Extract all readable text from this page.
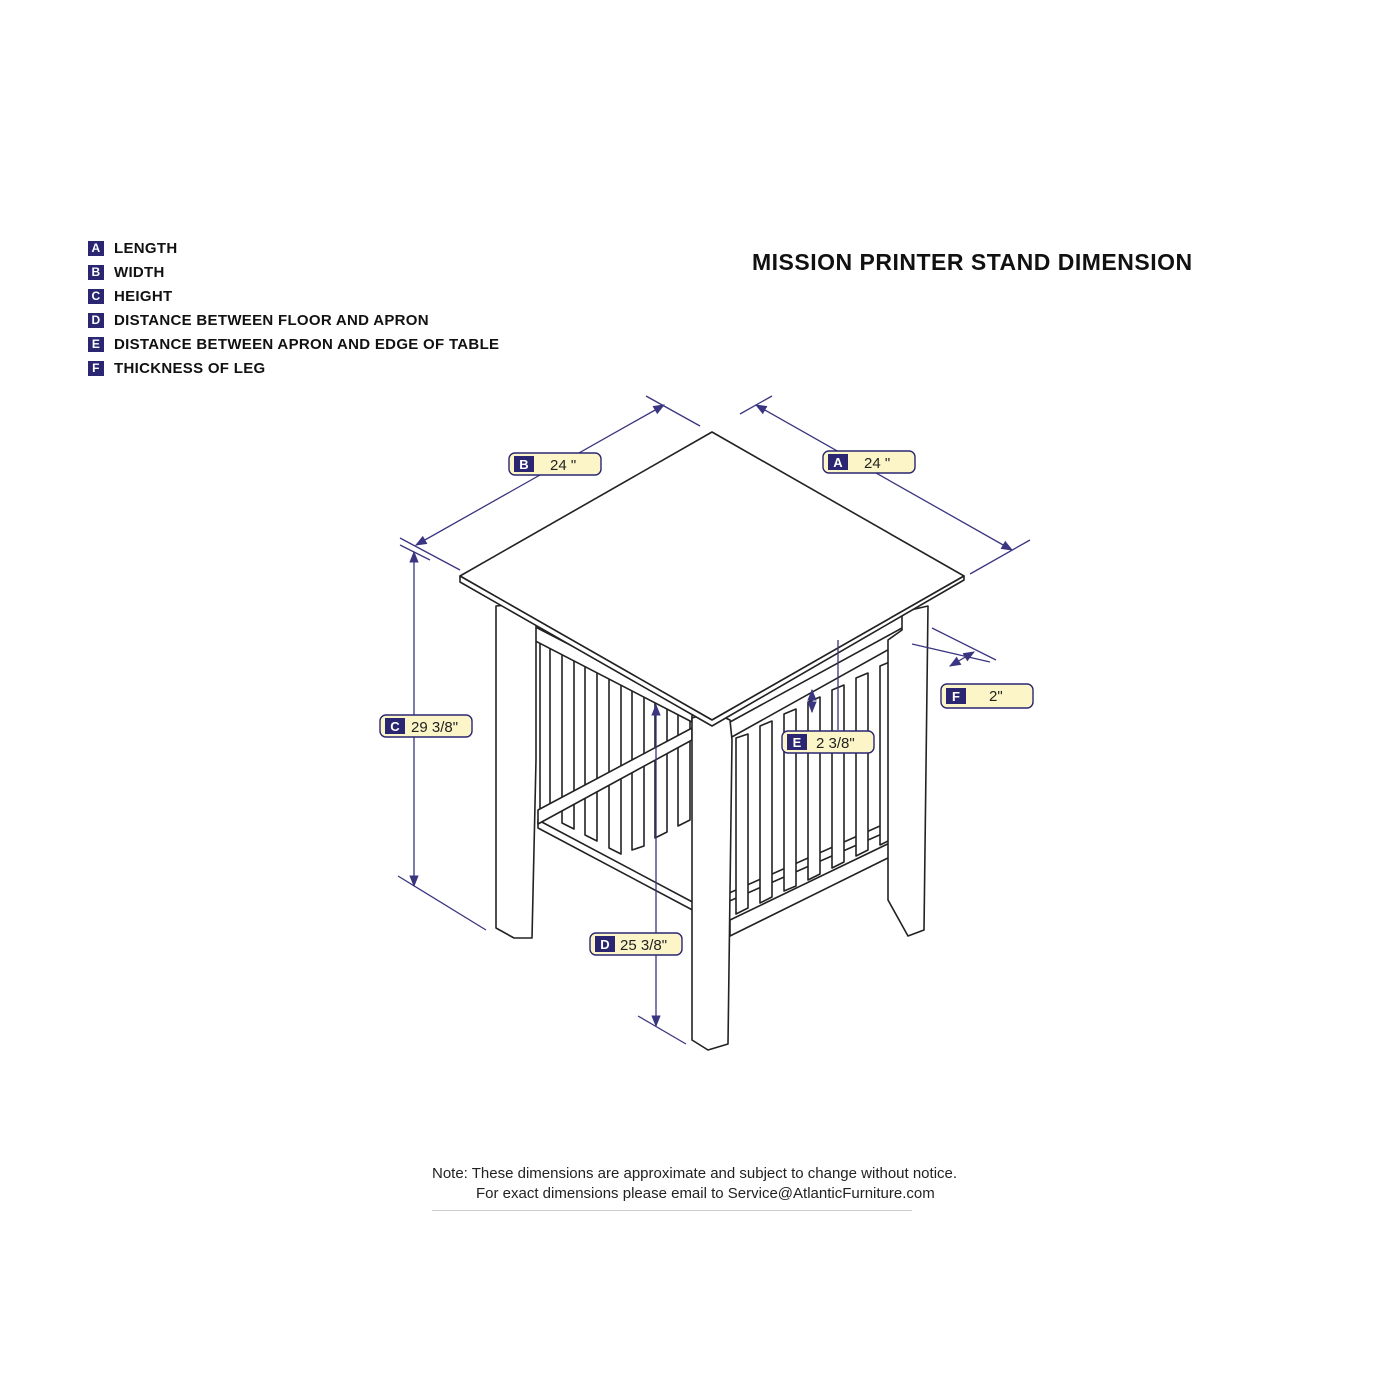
A LENGTH
B WIDTH
C HEIGHT
D DISTANCE BETWEEN FLOOR AND APRON
E DISTANCE BETWEEN APRON AND EDGE OF TABLE
F THICKNESS OF LEG
MISSION PRINTER STAND DIMENSION
B 24 "	A 24 "
C 29 3/8"
F 2"
E 2 3/8"
D 25 3/8"
Note: These dimensions are approximate and subject to change without notice.
For exact dimensions please email to Service@AtlanticFurniture.com
